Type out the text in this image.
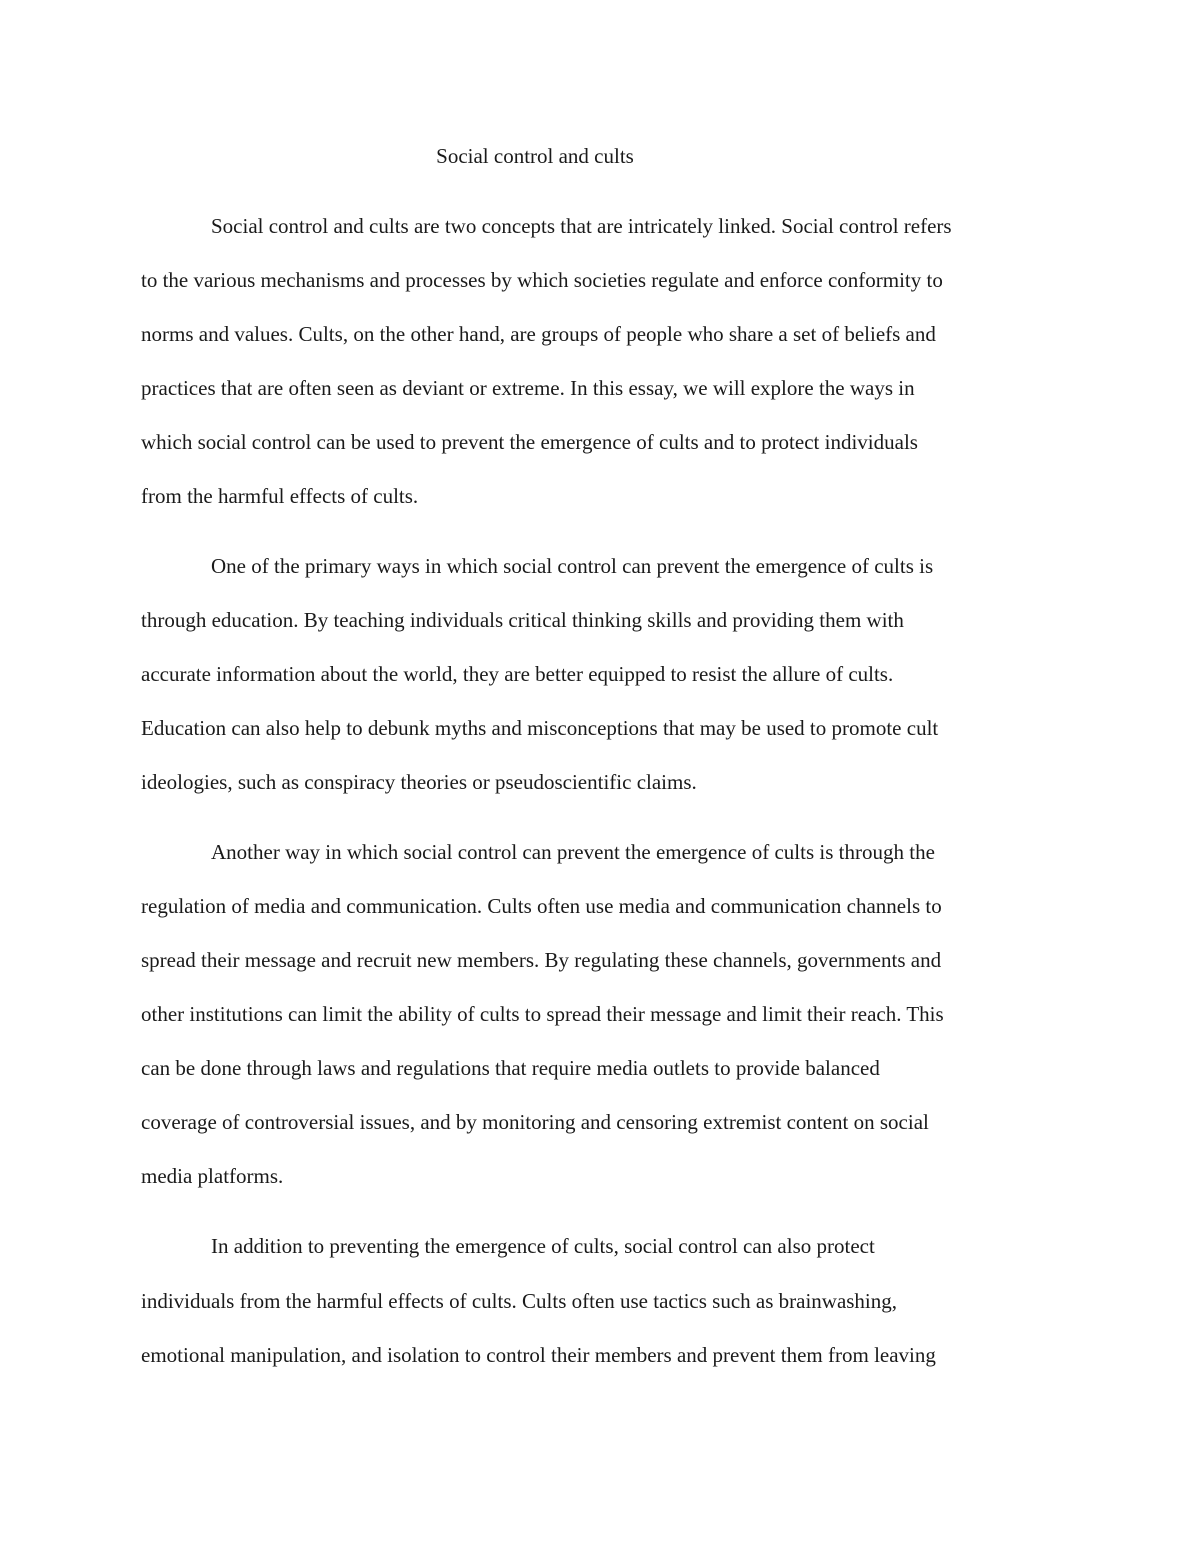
Social control and cults
Social control and cults are two concepts that are intricately linked. Social control refers
to the various mechanisms and processes by which societies regulate and enforce conformity to
norms and values. Cults, on the other hand, are groups of people who share a set of beliefs and
practices that are often seen as deviant or extreme. In this essay, we will explore the ways in
which social control can be used to prevent the emergence of cults and to protect individuals
from the harmful effects of cults.
One of the primary ways in which social control can prevent the emergence of cults is
through education. By teaching individuals critical thinking skills and providing them with
accurate information about the world, they are better equipped to resist the allure of cults.
Education can also help to debunk myths and misconceptions that may be used to promote cult
ideologies, such as conspiracy theories or pseudoscientific claims.
Another way in which social control can prevent the emergence of cults is through the
regulation of media and communication. Cults often use media and communication channels to
spread their message and recruit new members. By regulating these channels, governments and
other institutions can limit the ability of cults to spread their message and limit their reach. This
can be done through laws and regulations that require media outlets to provide balanced
coverage of controversial issues, and by monitoring and censoring extremist content on social
media platforms.
In addition to preventing the emergence of cults, social control can also protect
individuals from the harmful effects of cults. Cults often use tactics such as brainwashing,
emotional manipulation, and isolation to control their members and prevent them from leaving
